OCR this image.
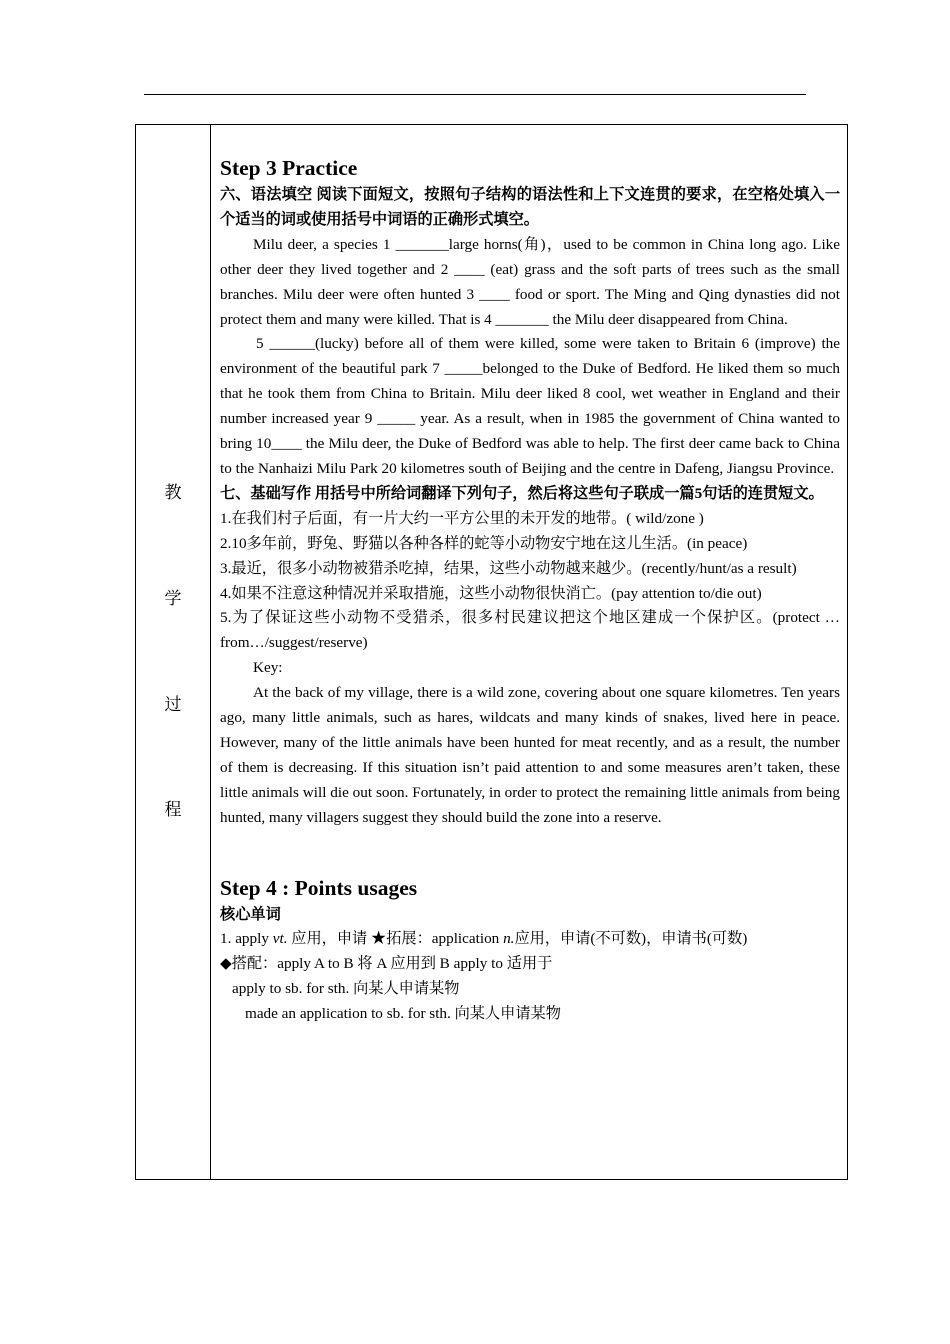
教
学
过
程
Step 3 Practice
六、语法填空 阅读下面短文，按照句子结构的语法性和上下文连贯的要求，在空格处填入一个适当的词或使用括号中词语的正确形式填空。

Milu deer, a species 1 _______large horns(角)，used to be common in China long ago. Like other deer they lived together and 2 ____ (eat) grass and the soft parts of trees such as the small branches. Milu deer were often hunted 3 ____ food or sport. The Ming and Qing dynasties did not protect them and many were killed. That is 4 _______ the Milu deer disappeared from China.

5 ______(lucky) before all of them were killed, some were taken to Britain 6 (improve) the environment of the beautiful park 7 _____belonged to the Duke of Bedford. He liked them so much that he took them from China to Britain. Milu deer liked 8 cool, wet weather in England and their number increased year 9 _____ year. As a result, when in 1985 the government of China wanted to bring 10____ the Milu deer, the Duke of Bedford was able to help. The first deer came back to China to the Nanhaizi Milu Park 20 kilometres south of Beijing and the centre in Dafeng, Jiangsu Province.

七、基础写作 用括号中所给词翻译下列句子，然后将这些句子联成一篇5句话的连贯短文。

1.在我们村子后面，有一片大约一平方公里的未开发的地带。( wild/zone )

2.10多年前，野兔、野猫以各种各样的蛇等小动物安宁地在这儿生活。(in peace)

3.最近，很多小动物被猎杀吃掉，结果，这些小动物越来越少。(recently/hunt/as a result)

4.如果不注意这种情况并采取措施，这些小动物很快消亡。(pay attention to/die out)

5.为了保证这些小动物不受猎杀，很多村民建议把这个地区建成一个保护区。(protect …from…/suggest/reserve)

Key:

At the back of my village, there is a wild zone, covering about one square kilometres. Ten years ago, many little animals, such as hares, wildcats and many kinds of snakes, lived here in peace. However, many of the little animals have been hunted for meat recently, and as a result, the number of them is decreasing. If this situation isn’t paid attention to and some measures aren’t taken, these little animals will die out soon. Fortunately, in order to protect the remaining little animals from being hunted, many villagers suggest they should build the zone into a reserve.

Step 4 : Points usages
核心单词
1. apply vt. 应用，申请 ★拓展：application n.应用，申请(不可数)，申请书(可数)
◆搭配：apply A to B 将 A 应用到 B apply to 适用于
apply to sb. for sth. 向某人申请某物
made an application to sb. for sth. 向某人申请某物
